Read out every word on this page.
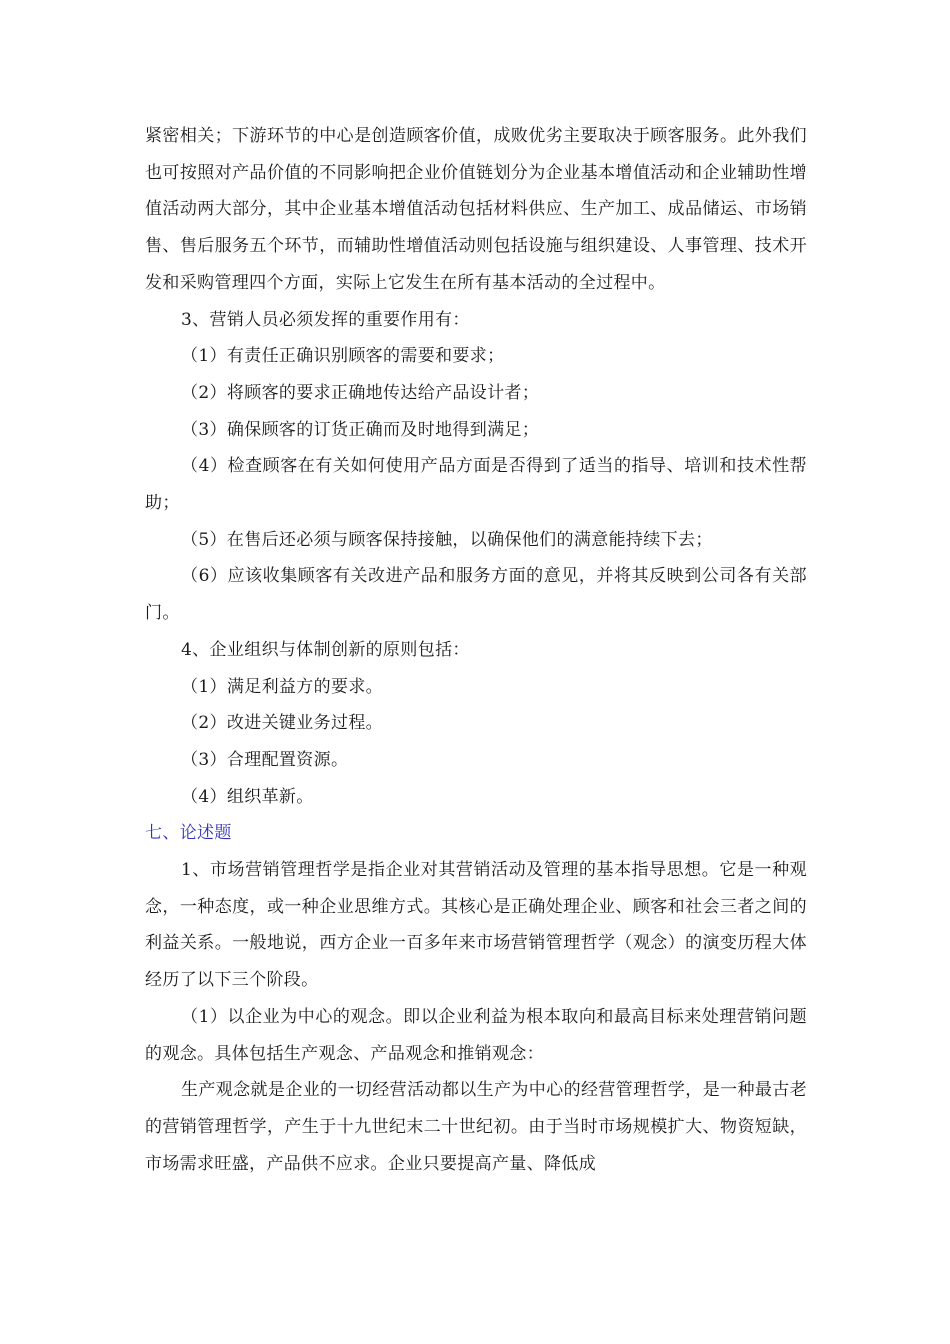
紧密相关；下游环节的中心是创造顾客价值，成败优劣主要取决于顾客服务。此外我们也可按照对产品价值的不同影响把企业价值链划分为企业基本增值活动和企业辅助性增值活动两大部分，其中企业基本增值活动包括材料供应、生产加工、成品储运、市场销售、售后服务五个环节，而辅助性增值活动则包括设施与组织建设、人事管理、技术开发和采购管理四个方面，实际上它发生在所有基本活动的全过程中。

3、营销人员必须发挥的重要作用有：

（1）有责任正确识别顾客的需要和要求；

（2）将顾客的要求正确地传达给产品设计者；

（3）确保顾客的订货正确而及时地得到满足；

（4）检查顾客在有关如何使用产品方面是否得到了适当的指导、培训和技术性帮助；

（5）在售后还必须与顾客保持接触，以确保他们的满意能持续下去；

（6）应该收集顾客有关改进产品和服务方面的意见，并将其反映到公司各有关部门。

4、企业组织与体制创新的原则包括：

（1）满足利益方的要求。

（2）改进关键业务过程。

（3）合理配置资源。

（4）组织革新。

七、论述题

1、市场营销管理哲学是指企业对其营销活动及管理的基本指导思想。它是一种观念，一种态度，或一种企业思维方式。其核心是正确处理企业、顾客和社会三者之间的利益关系。一般地说，西方企业一百多年来市场营销管理哲学（观念）的演变历程大体经历了以下三个阶段。

（1）以企业为中心的观念。即以企业利益为根本取向和最高目标来处理营销问题的观念。具体包括生产观念、产品观念和推销观念：

生产观念就是企业的一切经营活动都以生产为中心的经营管理哲学，是一种最古老的营销管理哲学，产生于十九世纪末二十世纪初。由于当时市场规模扩大、物资短缺，市场需求旺盛，产品供不应求。企业只要提高产量、降低成
